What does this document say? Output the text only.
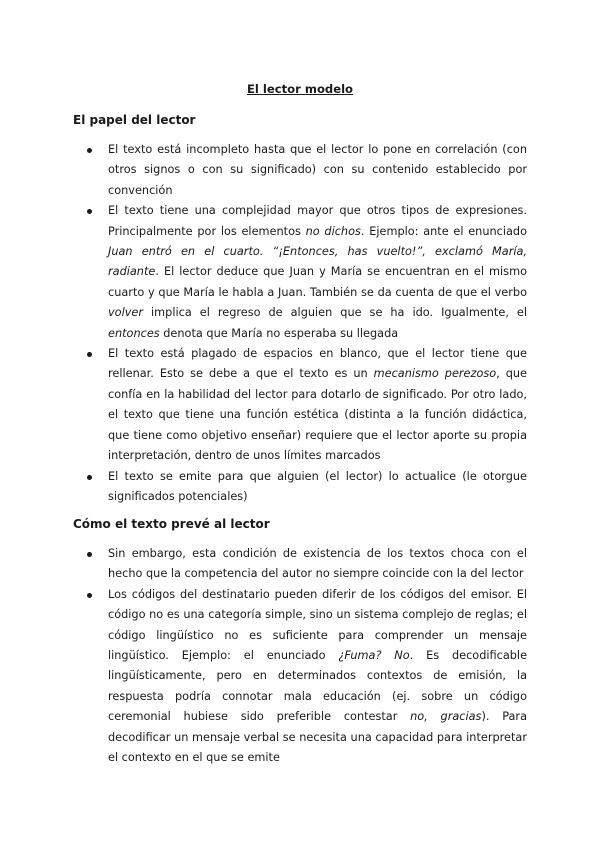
El lector modelo
El papel del lector
El texto está incompleto hasta que el lector lo pone en correlación (con otros signos o con su significado) con su contenido establecido por convención
El texto tiene una complejidad mayor que otros tipos de expresiones. Principalmente por los elementos no dichos. Ejemplo: ante el enunciado Juan entró en el cuarto. “¡Entonces, has vuelto!”, exclamó María, radiante. El lector deduce que Juan y María se encuentran en el mismo cuarto y que María le habla a Juan. También se da cuenta de que el verbo volver implica el regreso de alguien que se ha ido. Igualmente, el entonces denota que María no esperaba su llegada
El texto está plagado de espacios en blanco, que el lector tiene que rellenar. Esto se debe a que el texto es un mecanismo perezoso, que confía en la habilidad del lector para dotarlo de significado. Por otro lado, el texto que tiene una función estética (distinta a la función didáctica, que tiene como objetivo enseñar) requiere que el lector aporte su propia interpretación, dentro de unos límites marcados
El texto se emite para que alguien (el lector) lo actualice (le otorgue significados potenciales)
Cómo el texto prevé al lector
Sin embargo, esta condición de existencia de los textos choca con el hecho que la competencia del autor no siempre coincide con la del lector
Los códigos del destinatario pueden diferir de los códigos del emisor. El código no es una categoría simple, sino un sistema complejo de reglas; el código lingüístico no es suficiente para comprender un mensaje lingüístico. Ejemplo: el enunciado ¿Fuma? No. Es decodificable lingüísticamente, pero en determinados contextos de emisión, la respuesta podría connotar mala educación (ej. sobre un código ceremonial hubiese sido preferible contestar no, gracias). Para decodificar un mensaje verbal se necesita una capacidad para interpretar el contexto en el que se emite
